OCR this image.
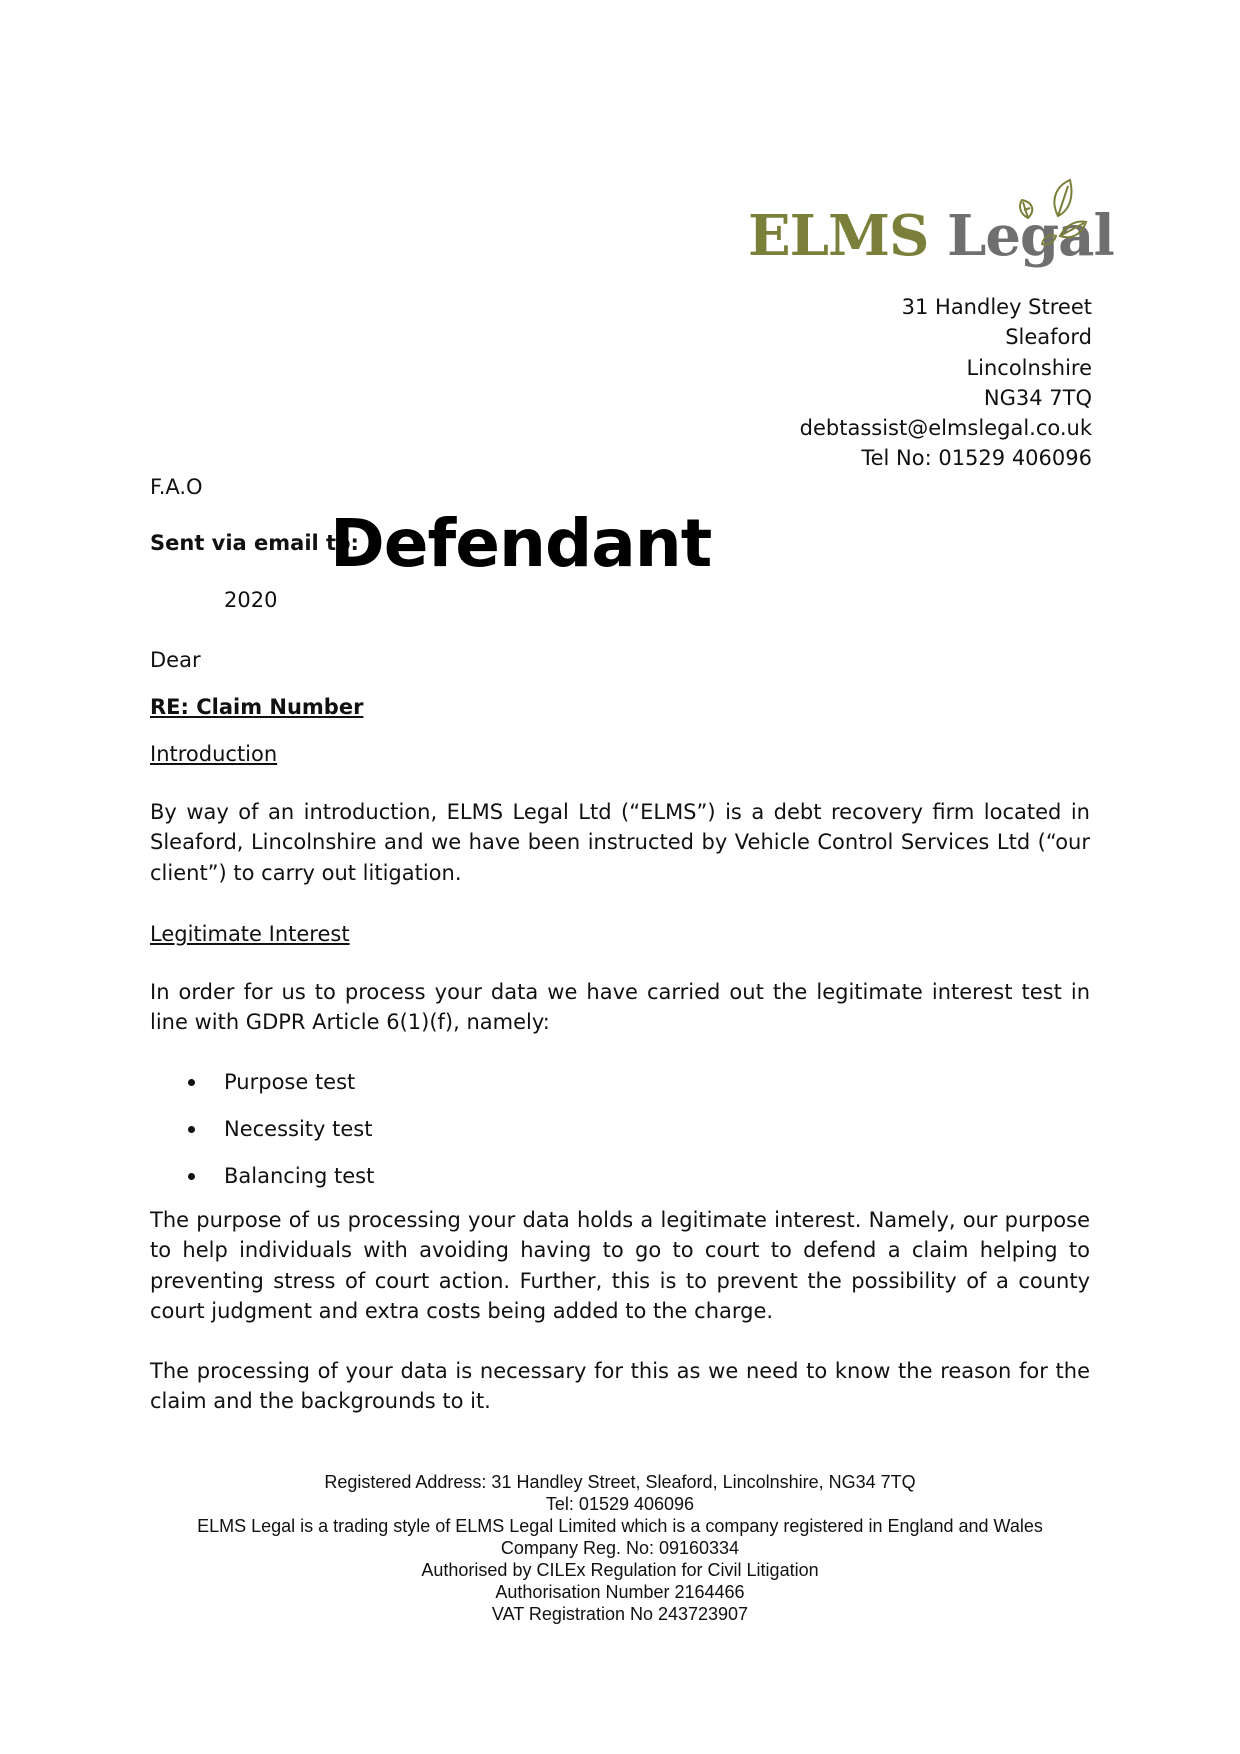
ELMS Legal
31 Handley Street
Sleaford
Lincolnshire
NG34 7TQ
debtassist@elmslegal.co.uk
Tel No: 01529 406096
F.A.O
Sent via email to:
Defendant
2020
Dear
RE: Claim Number
Introduction
By way of an introduction, ELMS Legal Ltd (“ELMS”) is a debt recovery firm located in Sleaford, Lincolnshire and we have been instructed by Vehicle Control Services Ltd (“our client”) to carry out litigation.
Legitimate Interest
In order for us to process your data we have carried out the legitimate interest test in line with GDPR Article 6(1)(f), namely:
Purpose test
Necessity test
Balancing test
The purpose of us processing your data holds a legitimate interest. Namely, our purpose to help individuals with avoiding having to go to court to defend a claim helping to preventing stress of court action. Further, this is to prevent the possibility of a county court judgment and extra costs being added to the charge.
The processing of your data is necessary for this as we need to know the reason for the claim and the backgrounds to it.
Registered Address: 31 Handley Street, Sleaford, Lincolnshire, NG34 7TQ
Tel: 01529 406096
ELMS Legal is a trading style of ELMS Legal Limited which is a company registered in England and Wales
Company Reg. No: 09160334
Authorised by CILEx Regulation for Civil Litigation
Authorisation Number 2164466
VAT Registration No 243723907
